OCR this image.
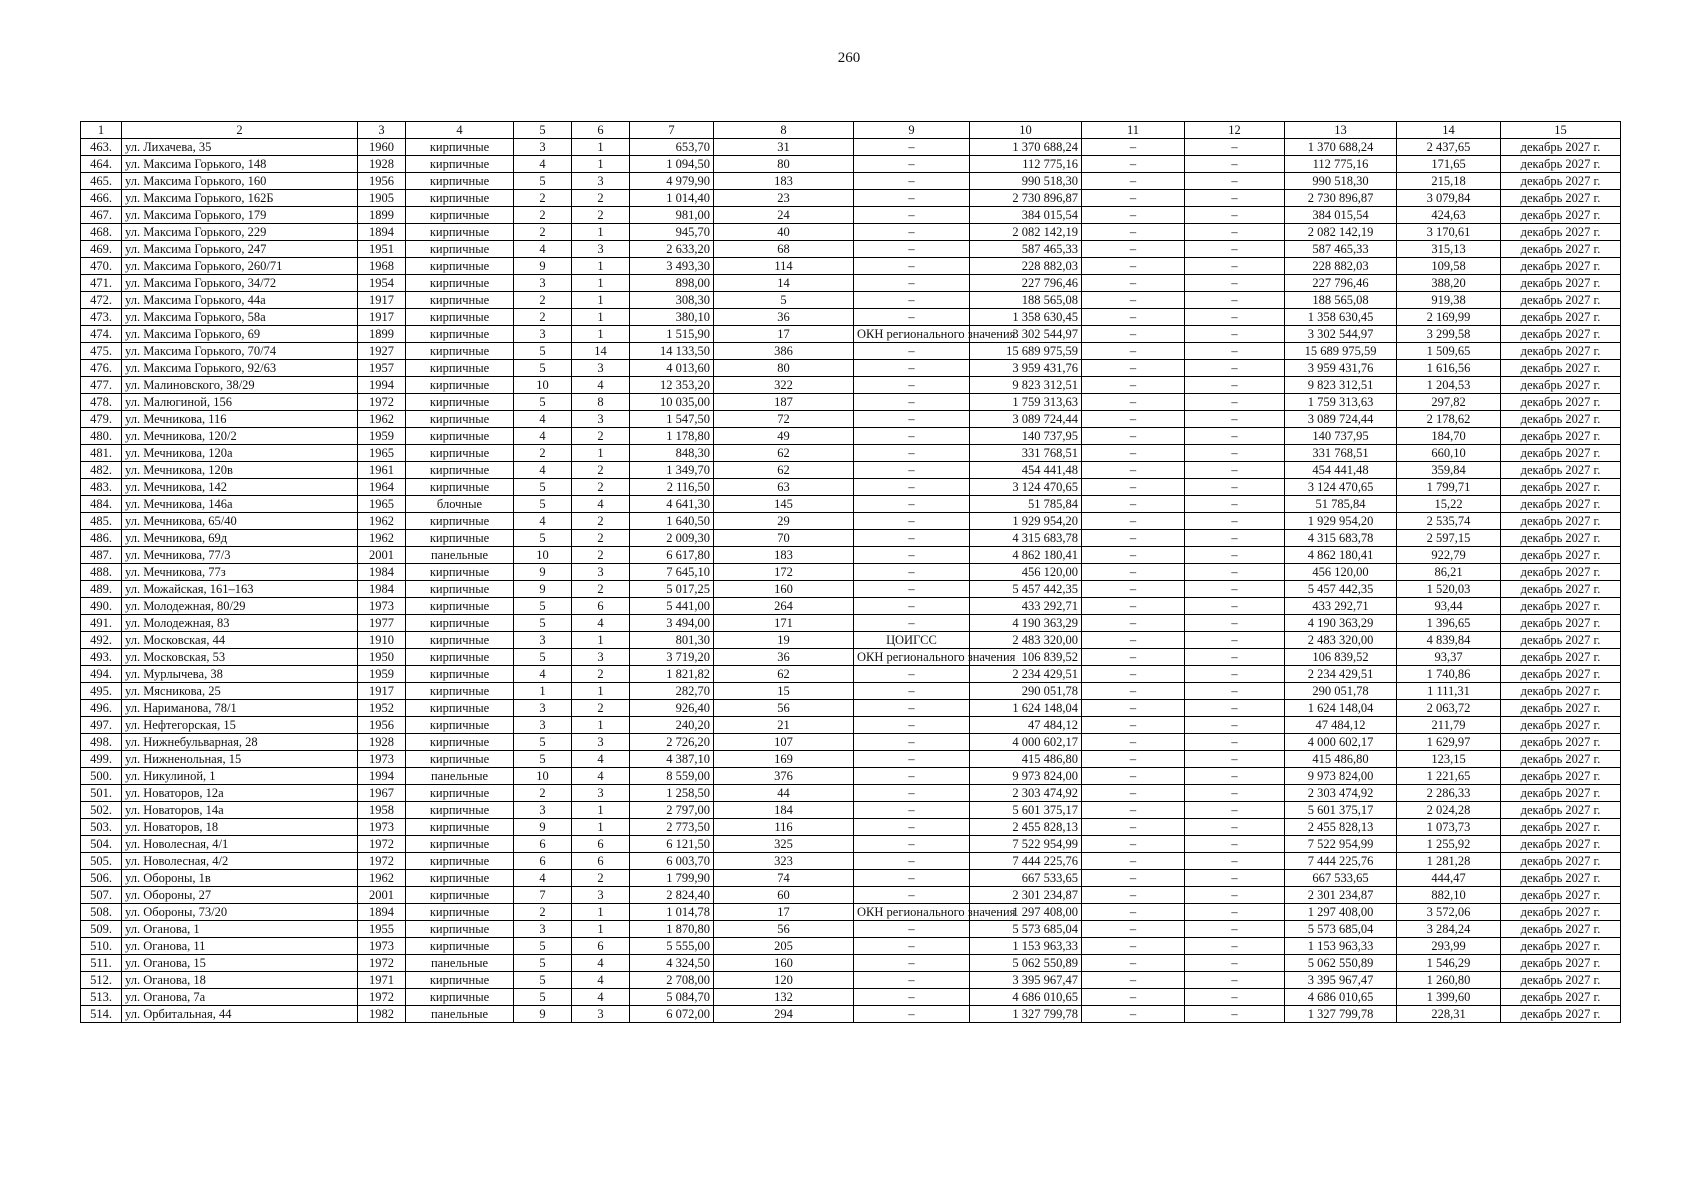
260
1	2	3	4	5	6	7	8	9	10	11	12	13	14	15
463.	ул. Лихачева, 35	1960	кирпичные	3	1	653,70	31	–	1 370 688,24	–	–	1 370 688,24	2 437,65	декабрь 2027 г.
464.	ул. Максима Горького, 148	1928	кирпичные	4	1	1 094,50	80	–	112 775,16	–	–	112 775,16	171,65	декабрь 2027 г.
465.	ул. Максима Горького, 160	1956	кирпичные	5	3	4 979,90	183	–	990 518,30	–	–	990 518,30	215,18	декабрь 2027 г.
466.	ул. Максима Горького, 162Б	1905	кирпичные	2	2	1 014,40	23	–	2 730 896,87	–	–	2 730 896,87	3 079,84	декабрь 2027 г.
467.	ул. Максима Горького, 179	1899	кирпичные	2	2	981,00	24	–	384 015,54	–	–	384 015,54	424,63	декабрь 2027 г.
468.	ул. Максима Горького, 229	1894	кирпичные	2	1	945,70	40	–	2 082 142,19	–	–	2 082 142,19	3 170,61	декабрь 2027 г.
469.	ул. Максима Горького, 247	1951	кирпичные	4	3	2 633,20	68	–	587 465,33	–	–	587 465,33	315,13	декабрь 2027 г.
470.	ул. Максима Горького, 260/71	1968	кирпичные	9	1	3 493,30	114	–	228 882,03	–	–	228 882,03	109,58	декабрь 2027 г.
471.	ул. Максима Горького, 34/72	1954	кирпичные	3	1	898,00	14	–	227 796,46	–	–	227 796,46	388,20	декабрь 2027 г.
472.	ул. Максима Горького, 44а	1917	кирпичные	2	1	308,30	5	–	188 565,08	–	–	188 565,08	919,38	декабрь 2027 г.
473.	ул. Максима Горького, 58а	1917	кирпичные	2	1	380,10	36	–	1 358 630,45	–	–	1 358 630,45	2 169,99	декабрь 2027 г.
474.	ул. Максима Горького, 69	1899	кирпичные	3	1	1 515,90	17	ОКН регионального значения	3 302 544,97	–	–	3 302 544,97	3 299,58	декабрь 2027 г.
475.	ул. Максима Горького, 70/74	1927	кирпичные	5	14	14 133,50	386	–	15 689 975,59	–	–	15 689 975,59	1 509,65	декабрь 2027 г.
476.	ул. Максима Горького, 92/63	1957	кирпичные	5	3	4 013,60	80	–	3 959 431,76	–	–	3 959 431,76	1 616,56	декабрь 2027 г.
477.	ул. Малиновского, 38/29	1994	кирпичные	10	4	12 353,20	322	–	9 823 312,51	–	–	9 823 312,51	1 204,53	декабрь 2027 г.
478.	ул. Малюгиной, 156	1972	кирпичные	5	8	10 035,00	187	–	1 759 313,63	–	–	1 759 313,63	297,82	декабрь 2027 г.
479.	ул. Мечникова, 116	1962	кирпичные	4	3	1 547,50	72	–	3 089 724,44	–	–	3 089 724,44	2 178,62	декабрь 2027 г.
480.	ул. Мечникова, 120/2	1959	кирпичные	4	2	1 178,80	49	–	140 737,95	–	–	140 737,95	184,70	декабрь 2027 г.
481.	ул. Мечникова, 120а	1965	кирпичные	2	1	848,30	62	–	331 768,51	–	–	331 768,51	660,10	декабрь 2027 г.
482.	ул. Мечникова, 120в	1961	кирпичные	4	2	1 349,70	62	–	454 441,48	–	–	454 441,48	359,84	декабрь 2027 г.
483.	ул. Мечникова, 142	1964	кирпичные	5	2	2 116,50	63	–	3 124 470,65	–	–	3 124 470,65	1 799,71	декабрь 2027 г.
484.	ул. Мечникова, 146а	1965	блочные	5	4	4 641,30	145	–	51 785,84	–	–	51 785,84	15,22	декабрь 2027 г.
485.	ул. Мечникова, 65/40	1962	кирпичные	4	2	1 640,50	29	–	1 929 954,20	–	–	1 929 954,20	2 535,74	декабрь 2027 г.
486.	ул. Мечникова, 69д	1962	кирпичные	5	2	2 009,30	70	–	4 315 683,78	–	–	4 315 683,78	2 597,15	декабрь 2027 г.
487.	ул. Мечникова, 77/3	2001	панельные	10	2	6 617,80	183	–	4 862 180,41	–	–	4 862 180,41	922,79	декабрь 2027 г.
488.	ул. Мечникова, 77з	1984	кирпичные	9	3	7 645,10	172	–	456 120,00	–	–	456 120,00	86,21	декабрь 2027 г.
489.	ул. Можайская, 161–163	1984	кирпичные	9	2	5 017,25	160	–	5 457 442,35	–	–	5 457 442,35	1 520,03	декабрь 2027 г.
490.	ул. Молодежная, 80/29	1973	кирпичные	5	6	5 441,00	264	–	433 292,71	–	–	433 292,71	93,44	декабрь 2027 г.
491.	ул. Молодежная, 83	1977	кирпичные	5	4	3 494,00	171	–	4 190 363,29	–	–	4 190 363,29	1 396,65	декабрь 2027 г.
492.	ул. Московская, 44	1910	кирпичные	3	1	801,30	19	ЦОИГСС	2 483 320,00	–	–	2 483 320,00	4 839,84	декабрь 2027 г.
493.	ул. Московская, 53	1950	кирпичные	5	3	3 719,20	36	ОКН регионального значения	106 839,52	–	–	106 839,52	93,37	декабрь 2027 г.
494.	ул. Мурлычева, 38	1959	кирпичные	4	2	1 821,82	62	–	2 234 429,51	–	–	2 234 429,51	1 740,86	декабрь 2027 г.
495.	ул. Мясникова, 25	1917	кирпичные	1	1	282,70	15	–	290 051,78	–	–	290 051,78	1 111,31	декабрь 2027 г.
496.	ул. Нариманова, 78/1	1952	кирпичные	3	2	926,40	56	–	1 624 148,04	–	–	1 624 148,04	2 063,72	декабрь 2027 г.
497.	ул. Нефтегорская, 15	1956	кирпичные	3	1	240,20	21	–	47 484,12	–	–	47 484,12	211,79	декабрь 2027 г.
498.	ул. Нижнебульварная, 28	1928	кирпичные	5	3	2 726,20	107	–	4 000 602,17	–	–	4 000 602,17	1 629,97	декабрь 2027 г.
499.	ул. Нижненольная, 15	1973	кирпичные	5	4	4 387,10	169	–	415 486,80	–	–	415 486,80	123,15	декабрь 2027 г.
500.	ул. Никулиной, 1	1994	панельные	10	4	8 559,00	376	–	9 973 824,00	–	–	9 973 824,00	1 221,65	декабрь 2027 г.
501.	ул. Новаторов, 12а	1967	кирпичные	2	3	1 258,50	44	–	2 303 474,92	–	–	2 303 474,92	2 286,33	декабрь 2027 г.
502.	ул. Новаторов, 14а	1958	кирпичные	3	1	2 797,00	184	–	5 601 375,17	–	–	5 601 375,17	2 024,28	декабрь 2027 г.
503.	ул. Новаторов, 18	1973	кирпичные	9	1	2 773,50	116	–	2 455 828,13	–	–	2 455 828,13	1 073,73	декабрь 2027 г.
504.	ул. Новолесная, 4/1	1972	кирпичные	6	6	6 121,50	325	–	7 522 954,99	–	–	7 522 954,99	1 255,92	декабрь 2027 г.
505.	ул. Новолесная, 4/2	1972	кирпичные	6	6	6 003,70	323	–	7 444 225,76	–	–	7 444 225,76	1 281,28	декабрь 2027 г.
506.	ул. Обороны, 1в	1962	кирпичные	4	2	1 799,90	74	–	667 533,65	–	–	667 533,65	444,47	декабрь 2027 г.
507.	ул. Обороны, 27	2001	кирпичные	7	3	2 824,40	60	–	2 301 234,87	–	–	2 301 234,87	882,10	декабрь 2027 г.
508.	ул. Обороны, 73/20	1894	кирпичные	2	1	1 014,78	17	ОКН регионального значения	1 297 408,00	–	–	1 297 408,00	3 572,06	декабрь 2027 г.
509.	ул. Оганова, 1	1955	кирпичные	3	1	1 870,80	56	–	5 573 685,04	–	–	5 573 685,04	3 284,24	декабрь 2027 г.
510.	ул. Оганова, 11	1973	кирпичные	5	6	5 555,00	205	–	1 153 963,33	–	–	1 153 963,33	293,99	декабрь 2027 г.
511.	ул. Оганова, 15	1972	панельные	5	4	4 324,50	160	–	5 062 550,89	–	–	5 062 550,89	1 546,29	декабрь 2027 г.
512.	ул. Оганова, 18	1971	кирпичные	5	4	2 708,00	120	–	3 395 967,47	–	–	3 395 967,47	1 260,80	декабрь 2027 г.
513.	ул. Оганова, 7а	1972	кирпичные	5	4	5 084,70	132	–	4 686 010,65	–	–	4 686 010,65	1 399,60	декабрь 2027 г.
514.	ул. Орбитальная, 44	1982	панельные	9	3	6 072,00	294	–	1 327 799,78	–	–	1 327 799,78	228,31	декабрь 2027 г.
